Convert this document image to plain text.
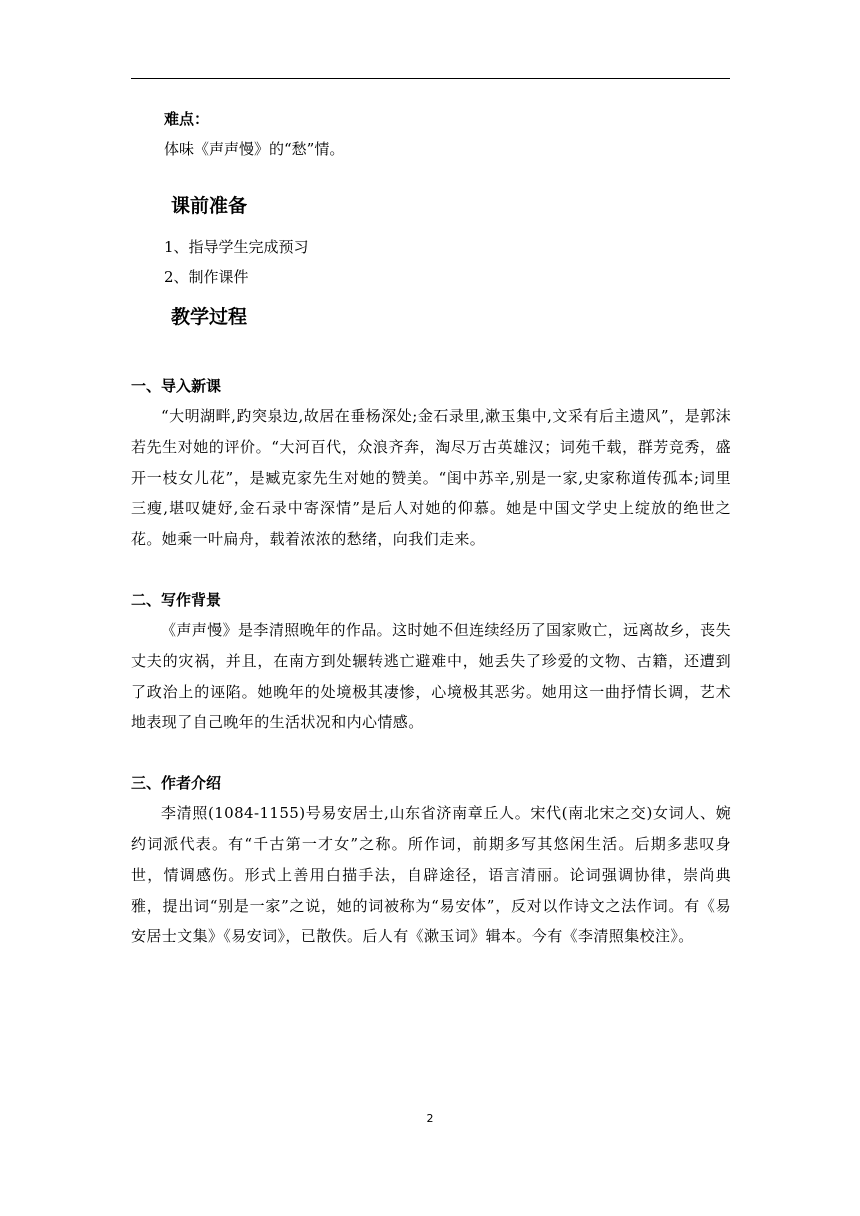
难点：

体味《声声慢》的“愁”情。

课前准备

1、指导学生完成预习

2、制作课件

教学过程
一、导入新课

“大明湖畔,趵突泉边,故居在垂杨深处;金石录里,漱玉集中,文采有后主遗风”，是郭沫若先生对她的评价。“大河百代，众浪齐奔，淘尽万古英雄汉；词苑千载，群芳竞秀，盛开一枝女儿花”，是臧克家先生对她的赞美。“闺中苏辛,别是一家,史家称道传孤本;词里三瘦,堪叹婕妤,金石录中寄深情”是后人对她的仰慕。她是中国文学史上绽放的绝世之花。她乘一叶扁舟，载着浓浓的愁绪，向我们走来。

二、写作背景

《声声慢》是李清照晚年的作品。这时她不但连续经历了国家败亡，远离故乡，丧失丈夫的灾祸，并且，在南方到处辗转逃亡避难中，她丢失了珍爱的文物、古籍，还遭到了政治上的诬陷。她晚年的处境极其凄惨，心境极其恶劣。她用这一曲抒情长调，艺术地表现了自己晚年的生活状况和内心情感。

三、作者介绍

李清照(1084-1155)号易安居士,山东省济南章丘人。宋代(南北宋之交)女词人、婉约词派代表。有“千古第一才女”之称。所作词，前期多写其悠闲生活。后期多悲叹身世，情调感伤。形式上善用白描手法，自辟途径，语言清丽。论词强调协律，崇尚典雅，提出词“别是一家”之说，她的词被称为“易安体”，反对以作诗文之法作词。有《易安居士文集》《易安词》，已散佚。后人有《漱玉词》辑本。今有《李清照集校注》。

2
